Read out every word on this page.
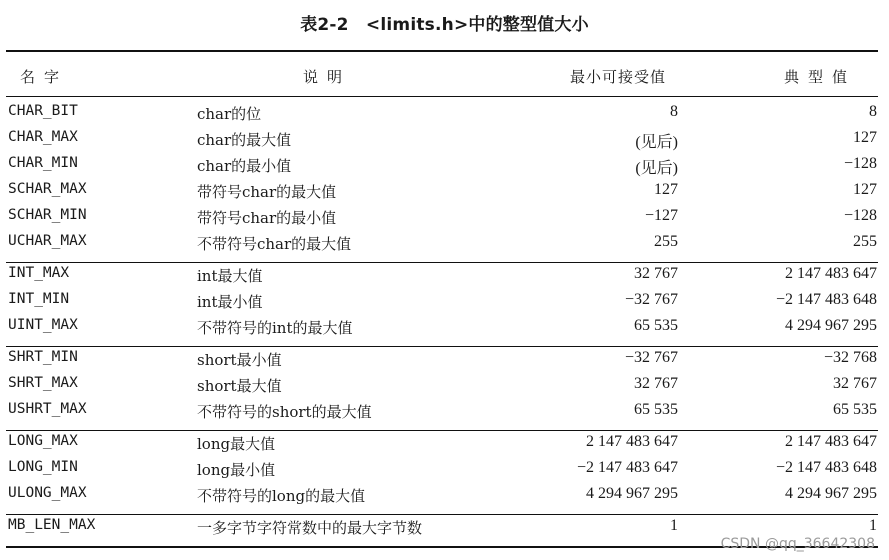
表2-2　<limits.h>中的整型值大小
名字	说明	最小可接受值	典型值
CHAR_BIT	char的位	8	8
CHAR_MAX	char的最大值	(见后)	127
CHAR_MIN	char的最小值	(见后)	−128
SCHAR_MAX	带符号char的最大值	127	127
SCHAR_MIN	带符号char的最小值	−127	−128
UCHAR_MAX	不带符号char的最大值	255	255
INT_MAX	int最大值	32 767	2 147 483 647
INT_MIN	int最小值	−32 767	−2 147 483 648
UINT_MAX	不带符号的int的最大值	65 535	4 294 967 295
SHRT_MIN	short最小值	−32 767	−32 768
SHRT_MAX	short最大值	32 767	32 767
USHRT_MAX	不带符号的short的最大值	65 535	65 535
LONG_MAX	long最大值	2 147 483 647	2 147 483 647
LONG_MIN	long最小值	−2 147 483 647	−2 147 483 648
ULONG_MAX	不带符号的long的最大值	4 294 967 295	4 294 967 295
MB_LEN_MAX	一多字节字符常数中的最大字节数	1	1
CSDN @qq_36642308
